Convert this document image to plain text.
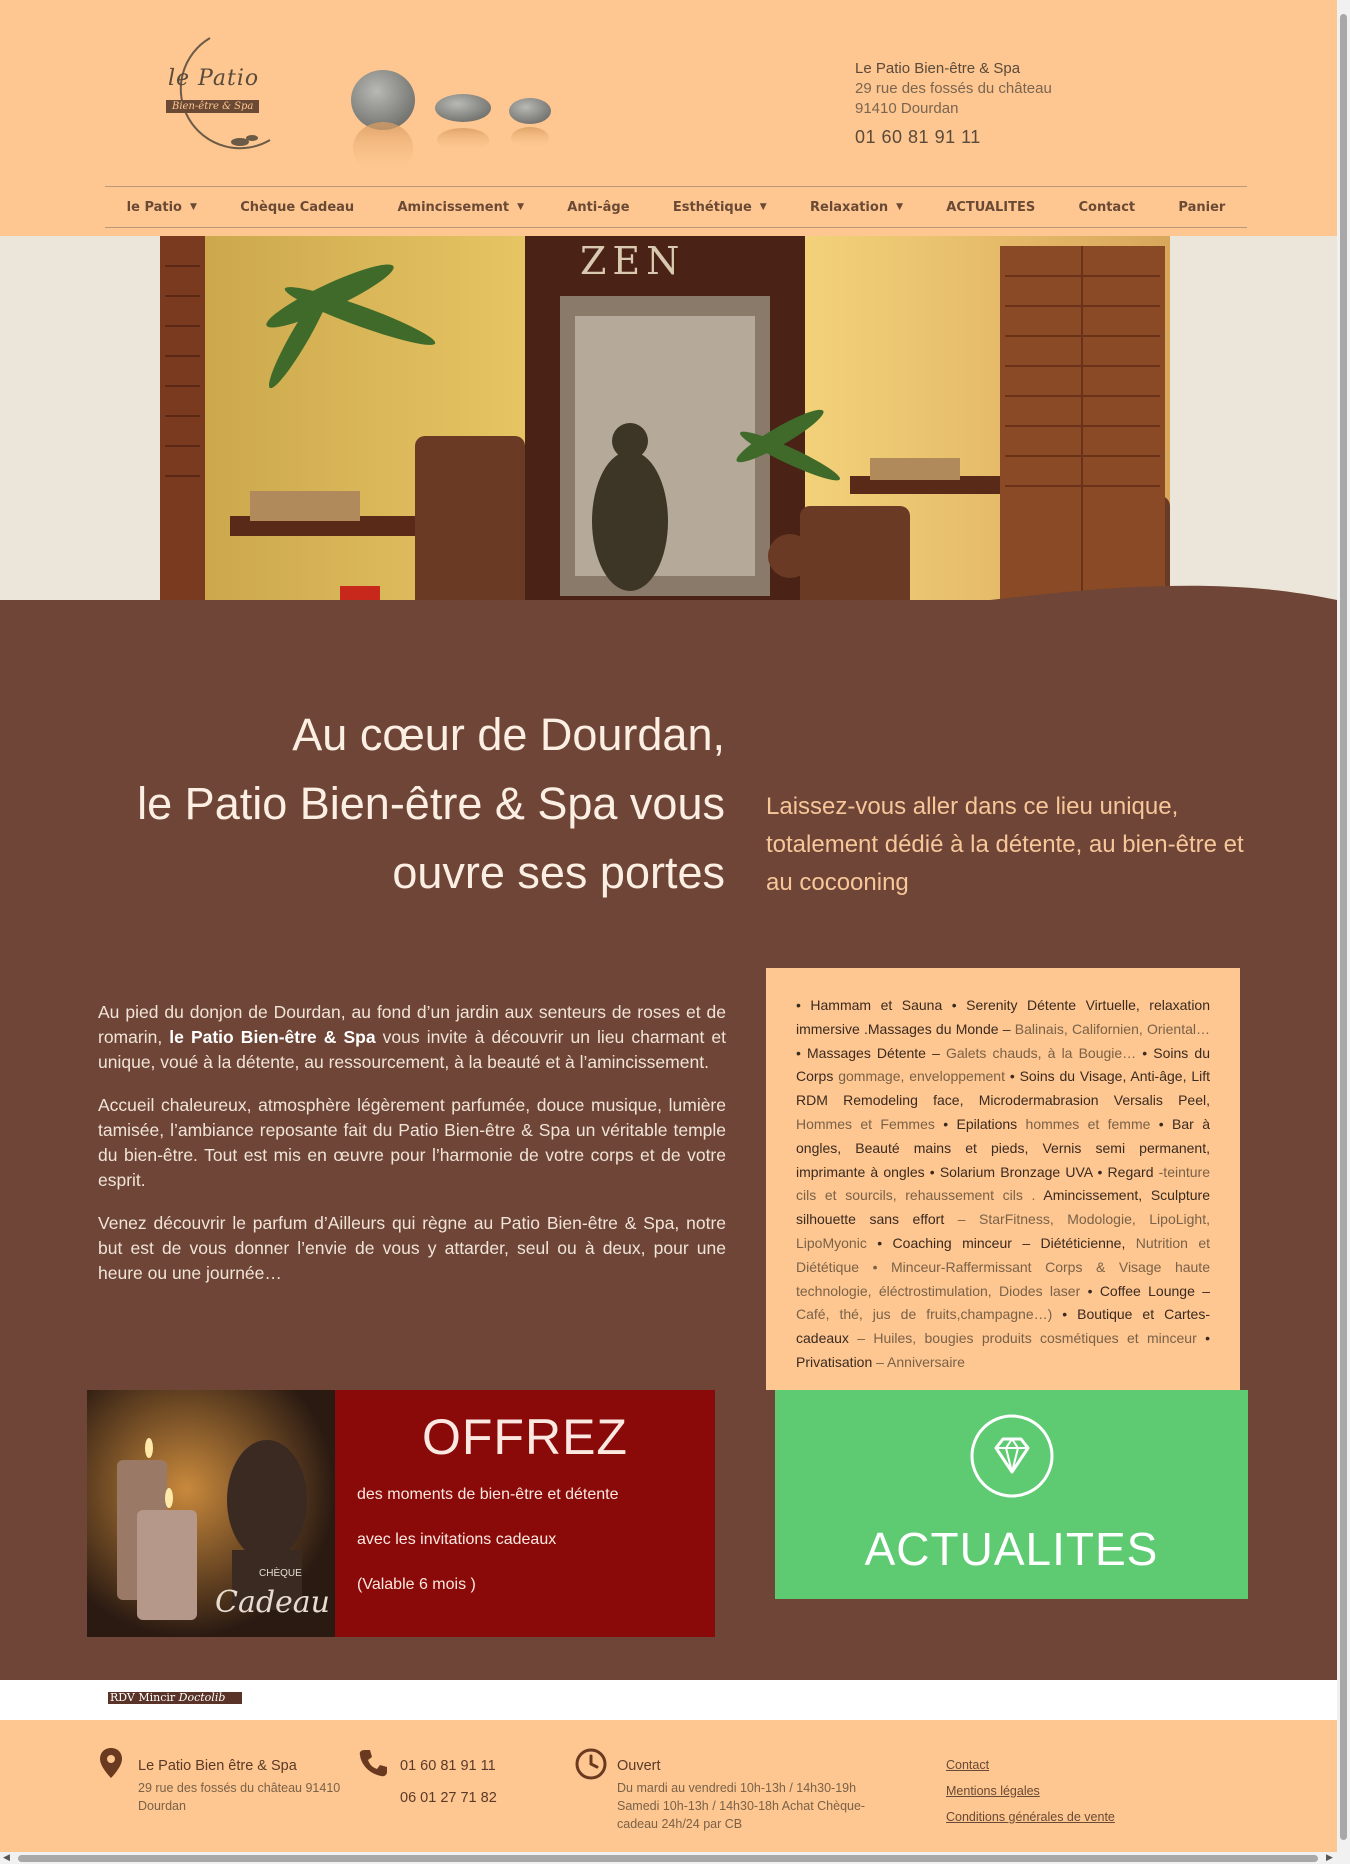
le Patio
Bien-être & Spa
Le Patio Bien-être & Spa
29 rue des fossés du château
91410 Dourdan
01 60 81 91 11
le Patio ▼	Chèque Cadeau	Amincissement ▼	Anti-âge	Esthétique ▼	Relaxation ▼	ACTUALITES	Contact	Panier
ZEN
Au cœur de Dourdan,
le Patio Bien-être & Spa vous
ouvre ses portes
Laissez-vous aller dans ce lieu unique, totalement dédié à la détente, au bien-être et au cocooning

Au pied du donjon de Dourdan, au fond d’un jardin aux senteurs de roses et de romarin, le Patio Bien-être & Spa vous invite à découvrir un lieu charmant et unique, voué à la détente, au ressourcement, à la beauté et à l’amincissement.

Accueil chaleureux, atmosphère légèrement parfumée, douce musique, lumière tamisée, l’ambiance reposante fait du Patio Bien-être & Spa un véritable temple du bien-être. Tout est mis en œuvre pour l’harmonie de votre corps et de votre esprit.

Venez découvrir le parfum d’Ailleurs qui règne au Patio Bien-être & Spa, notre but est de vous donner l’envie de vous y attarder, seul ou à deux, pour une heure ou une journée…

• Hammam et Sauna • Serenity Détente Virtuelle, relaxation immersive .Massages du Monde – Balinais, Californien, Oriental… • Massages Détente – Galets chauds, à la Bougie… • Soins du Corps gommage, enveloppement • Soins du Visage, Anti-âge, Lift RDM Remodeling face, Microdermabrasion Versalis Peel, Hommes et Femmes • Epilations hommes et femme • Bar à ongles, Beauté mains et pieds, Vernis semi permanent, imprimante à ongles • Solarium Bronzage UVA • Regard -teinture cils et sourcils, rehaussement cils . Amincissement, Sculpture silhouette sans effort – StarFitness, Modologie, LipoLight, LipoMyonic • Coaching minceur – Diététicienne, Nutrition et Diététique • Minceur-Raffermissant Corps & Visage haute technologie, éléctrostimulation, Diodes laser • Coffee Lounge – Café, thé, jus de fruits,champagne…) • Boutique et Cartes-cadeaux – Huiles, bougies produits cosmétiques et minceur • Privatisation – Anniversaire
CHÈQUE
Cadeau
OFFREZ
des moments de bien-être et détente
avec les invitations cadeaux
(Valable 6 mois )
ACTUALITES
RDV Mincir Doctolib
Le Patio Bien être & Spa
29 rue des fossés du château 91410 Dourdan
01 60 81 91 11
06 01 27 71 82
Ouvert
Du mardi au vendredi 10h-13h / 14h30-19h Samedi 10h-13h / 14h30-18h Achat Chèque-cadeau 24h/24 par CB
Contact
Mentions légales
Conditions générales de vente
◀	▶
